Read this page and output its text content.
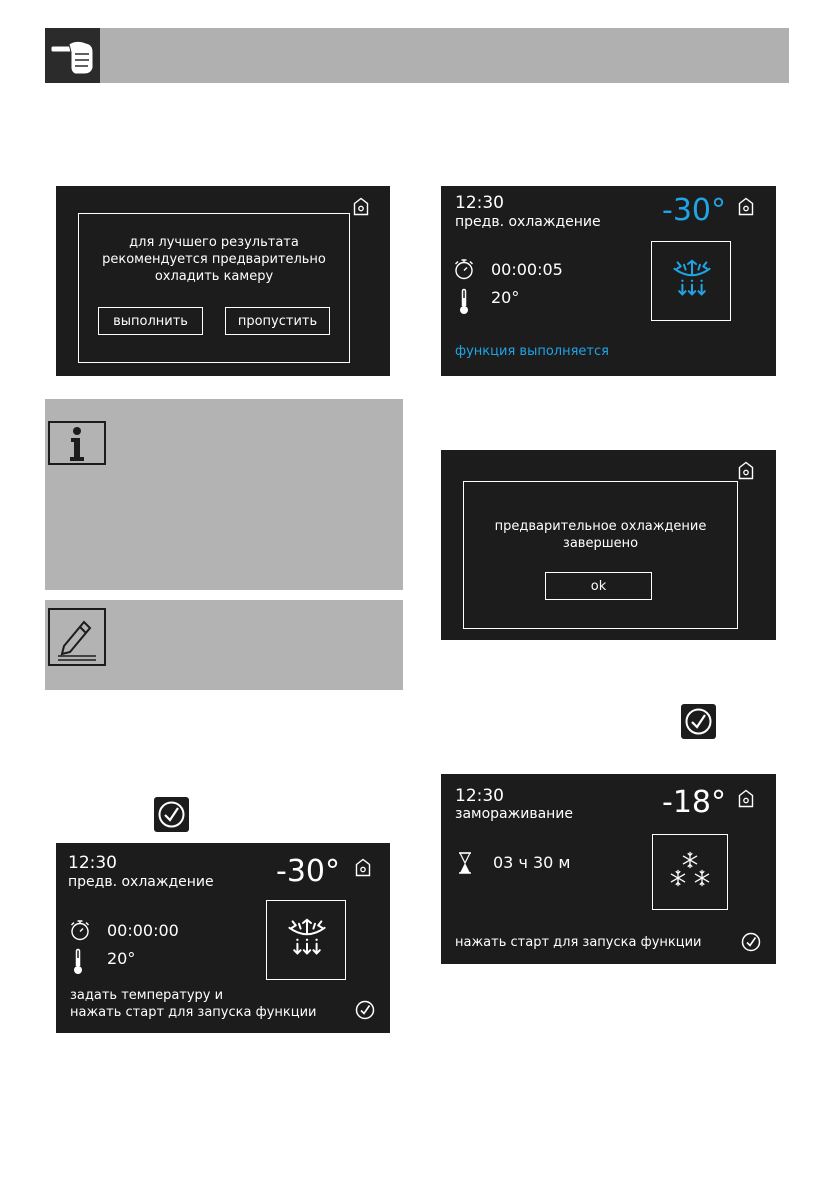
для лучшего результата
рекомендуется предварительно
охладить камеру
выполнить	пропустить
12:30
предв. охлаждение -30°
00:00:05
20°
функция выполняется
предварительное охлаждение
завершено
ok
12:30
замораживание	-18°
03 ч 30 м
нажать старт для запуска функции
12:30
предв. охлаждение -30°
00:00:00
20°
задать температуру и
нажать старт для запуска функции
